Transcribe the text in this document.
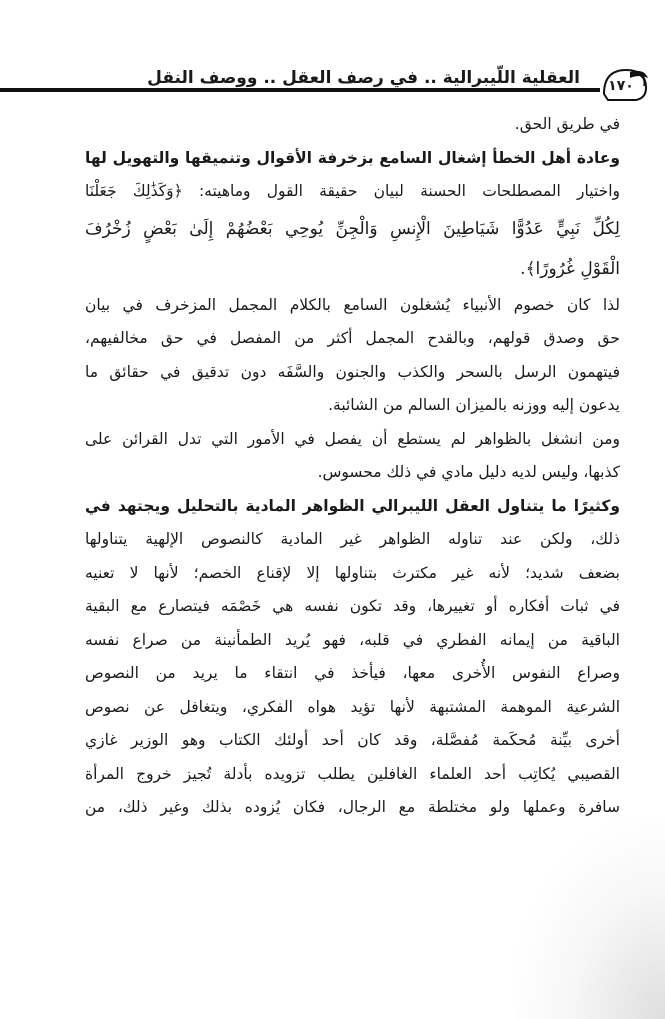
العقلية اللّيبرالية .. في رصف العقل .. ووصف النقل ١٧٠
في طريق الحق.
وعادة أهل الخطأ إشغال السامع بزخرفة الأقوال وتنميقها والتهويل لها
واختيار المصطلحات الحسنة لبيان حقيقة القول وماهيته: ﴿وَكَذَٰلِكَ جَعَلْنَا
لِكُلِّ نَبِيٍّ عَدُوًّا شَيَاطِينَ الْإِنسِ وَالْجِنِّ يُوحِي بَعْضُهُمْ إِلَىٰ بَعْضٍ زُخْرُفَ
الْقَوْلِ غُرُورًا﴾.
لذا كان خصوم الأنبياء يُشغلون السامع بالكلام المجمل المزخرف في بيان
حق وصدق قولهم، وبالقدح المجمل أكثر من المفصل في حق مخالفيهم،
فيتهمون الرسل بالسحر والكذب والجنون والسَّفَه دون تدقيق في حقائق ما
يدعون إليه ووزنه بالميزان السالم من الشائبة.
ومن انشغل بالظواهر لم يستطع أن يفصل في الأمور التي تدل القرائن على
كذبها، وليس لديه دليل مادي في ذلك محسوس.
وكثيرًا ما يتناول العقل الليبرالي الظواهر المادية بالتحليل ويجتهد في
ذلك، ولكن عند تناوله الظواهر غير المادية كالنصوص الإلهية يتناولها
بضعف شديد؛ لأنه غير مكترث بتناولها إلا لإقناع الخصم؛ لأنها لا تعنيه
في ثبات أفكاره أو تغييرها، وقد تكون نفسه هي خَصْمَه فيتصارع مع البقية
الباقية من إيمانه الفطري في قلبه، فهو يُريد الطمأنينة من صراع نفسه
وصراع النفوس الأُخرى معها، فيأخذ في انتقاء ما يريد من النصوص
الشرعية الموهمة المشتبهة لأنها تؤيد هواه الفكري، ويتغافل عن نصوص
أخرى بيِّنة مُحكَمة مُفصَّلة، وقد كان أحد أولئك الكتاب وهو الوزير غازي
القصيبي يُكاتِب أحد العلماء الغافلين يطلب تزويده بأدلة تُجيز خروج المرأة
سافرة وعملها ولو مختلطة مع الرجال، فكان يُزوده بذلك وغير ذلك، من
